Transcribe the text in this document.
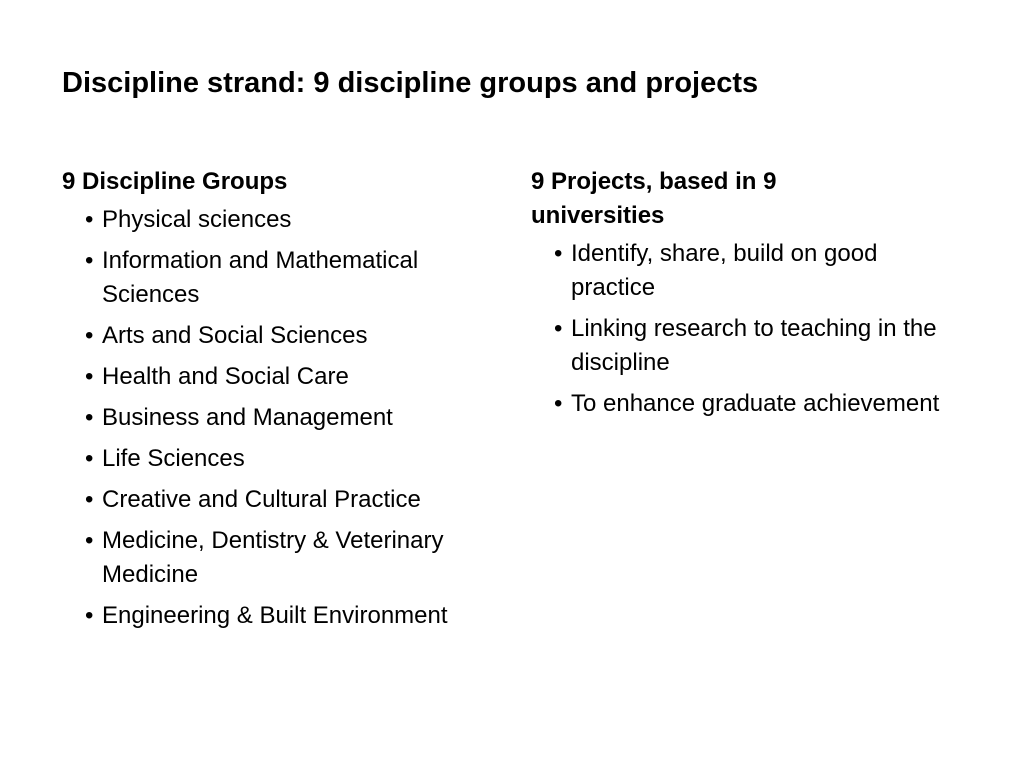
Discipline strand: 9 discipline groups and projects
9 Discipline Groups
• Physical sciences
• Information and Mathematical Sciences
• Arts and Social Sciences
• Health and Social Care
• Business and Management
• Life Sciences
• Creative and Cultural Practice
• Medicine, Dentistry & Veterinary Medicine
• Engineering & Built Environment
9 Projects, based in 9 universities
• Identify, share, build on good practice
• Linking research to teaching in the discipline
• To enhance graduate achievement
